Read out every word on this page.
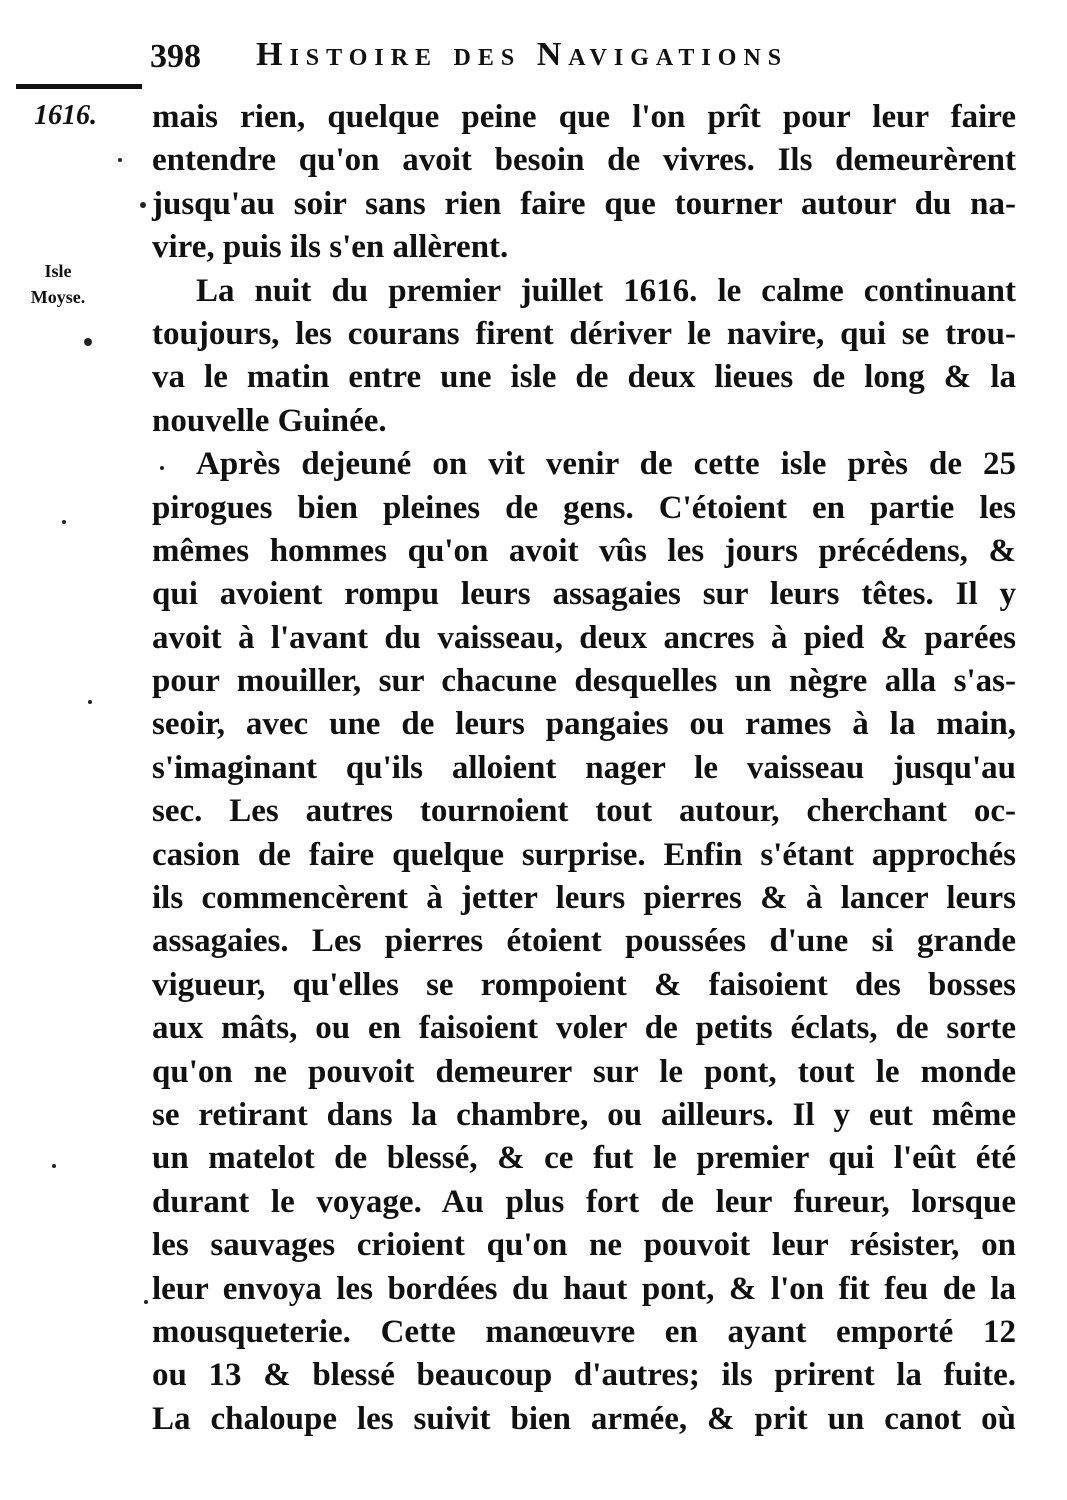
398 Histoire des Navigations
1616.
Isle
Moyse.
mais rien, quelque peine que l'on prît pour leur faire
entendre qu'on avoit besoin de vivres. Ils demeurèrent
jusqu'au soir sans rien faire que tourner autour du na-
vire, puis ils s'en allèrent.
La nuit du premier juillet 1616. le calme continuant
toujours, les courans firent dériver le navire, qui se trou-
va le matin entre une isle de deux lieues de long & la
nouvelle Guinée.
Après dejeuné on vit venir de cette isle près de 25
pirogues bien pleines de gens. C'étoient en partie les
mêmes hommes qu'on avoit vûs les jours précédens, &
qui avoient rompu leurs assagaies sur leurs têtes. Il y
avoit à l'avant du vaisseau, deux ancres à pied & parées
pour mouiller, sur chacune desquelles un nègre alla s'as-
seoir, avec une de leurs pangaies ou rames à la main,
s'imaginant qu'ils alloient nager le vaisseau jusqu'au
sec. Les autres tournoient tout autour, cherchant oc-
casion de faire quelque surprise. Enfin s'étant approchés
ils commencèrent à jetter leurs pierres & à lancer leurs
assagaies. Les pierres étoient poussées d'une si grande
vigueur, qu'elles se rompoient & faisoient des bosses
aux mâts, ou en faisoient voler de petits éclats, de sorte
qu'on ne pouvoit demeurer sur le pont, tout le monde
se retirant dans la chambre, ou ailleurs. Il y eut même
un matelot de blessé, & ce fut le premier qui l'eût été
durant le voyage. Au plus fort de leur fureur, lorsque
les sauvages crioient qu'on ne pouvoit leur résister, on
leur envoya les bordées du haut pont, & l'on fit feu de la
mousqueterie. Cette manœuvre en ayant emporté 12
ou 13 & blessé beaucoup d'autres; ils prirent la fuite.
La chaloupe les suivit bien armée, & prit un canot où
